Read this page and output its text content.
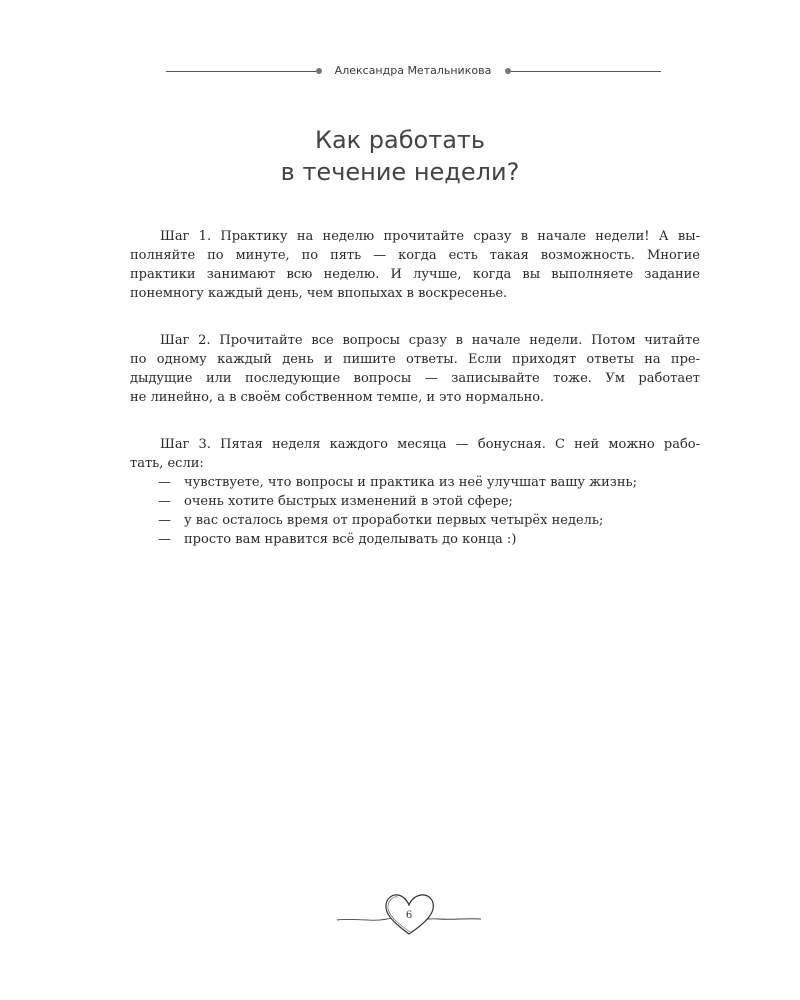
Александра Метальникова
Как работать
в течение недели?

Шаг 1. Практику на неделю прочитайте сразу в начале недели! А вы-
полняйте по минуте, по пять — когда есть такая возможность. Многие
практики занимают всю неделю. И лучше, когда вы выполняете задание
понемногу каждый день, чем впопыхах в воскресенье.

Шаг 2. Прочитайте все вопросы сразу в начале недели. Потом читайте
по одному каждый день и пишите ответы. Если приходят ответы на пре-
дыдущие или последующие вопросы — записывайте тоже. Ум работает
не линейно, а в своём собственном темпе, и это нормально.

Шаг 3. Пятая неделя каждого месяца — бонусная. С ней можно рабо-
тать, если:
— чувствуете, что вопросы и практика из неё улучшат вашу жизнь;
— очень хотите быстрых изменений в этой сфере;
— у вас осталось время от проработки первых четырёх недель;
— просто вам нравится всё доделывать до конца :)
6
